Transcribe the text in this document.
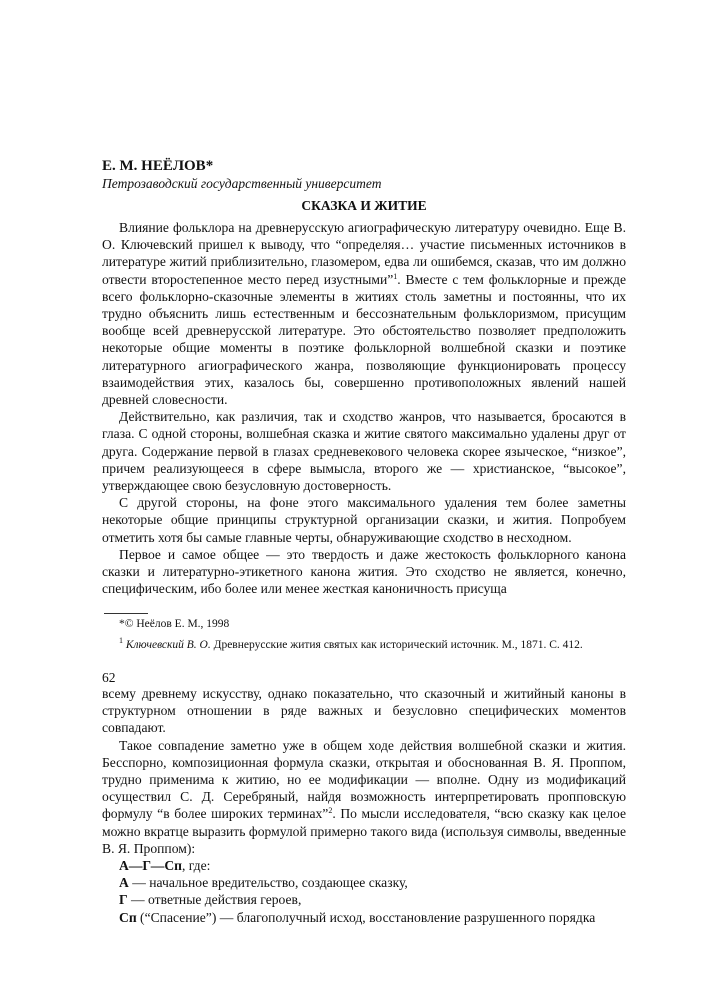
Е. М. НЕЁЛОВ*
Петрозаводский государственный университет
СКАЗКА И ЖИТИЕ

Влияние фольклора на древнерусскую агиографическую литературу очевидно. Еще В. О. Ключевский пришел к выводу, что “определяя… участие письменных источников в литературе житий приблизительно, глазомером, едва ли ошибемся, сказав, что им должно отвести второстепенное место перед изустными”$^1$. Вместе с тем фольклорные и прежде всего фольклорно-сказочные элементы в житиях столь заметны и постоянны, что их трудно объяснить лишь естественным и бессознательным фольклоризмом, присущим вообще всей древнерусской литературе. Это обстоятельство позволяет предположить некоторые общие моменты в поэтике фольклорной волшебной сказки и поэтике литературного агиографического жанра, позволяющие функционировать процессу взаимодействия этих, казалось бы, совершенно противоположных явлений нашей древней словесности.

Действительно, как различия, так и сходство жанров, что называется, бросаются в глаза. С одной стороны, волшебная сказка и житие святого максимально удалены друг от друга. Содержание первой в глазах средневекового человека скорее языческое, “низкое”, причем реализующееся в сфере вымысла, второго же — христианское, “высокое”, утверждающее свою безусловную достоверность.

С другой стороны, на фоне этого максимального удаления тем более заметны некоторые общие принципы структурной организации сказки, и жития. Попробуем отметить хотя бы самые главные черты, обнаруживающие сходство в несходном.

Первое и самое общее — это твердость и даже жестокость фольклорного канона сказки и литературно-этикетного канона жития. Это сходство не является, конечно, специфическим, ибо более или менее жесткая каноничность присуща

*© Неёлов Е. М., 1998
$^1$ Ключевский В. О. Древнерусские жития святых как исторический источник. М., 1871. С. 412.
62

всему древнему искусству, однако показательно, что сказочный и житийный каноны в структурном отношении в ряде важных и безусловно специфических моментов совпадают.

Такое совпадение заметно уже в общем ходе действия волшебной сказки и жития. Бесспорно, композиционная формула сказки, открытая и обоснованная В. Я. Проппом, трудно применима к житию, но ее модификации — вполне. Одну из модификаций осуществил С. Д. Серебряный, найдя возможность интерпретировать пропповскую формулу “в более широких терминах”$^2$. По мысли исследователя, “всю сказку как целое можно вкратце выразить формулой примерно такого вида (используя символы, введенные В. Я. Проппом):

А—Г—Сп, где:

А — начальное вредительство, создающее сказку,

Г — ответные действия героев,

Сп (“Спасение”) — благополучный исход, восстановление разрушенного порядка
